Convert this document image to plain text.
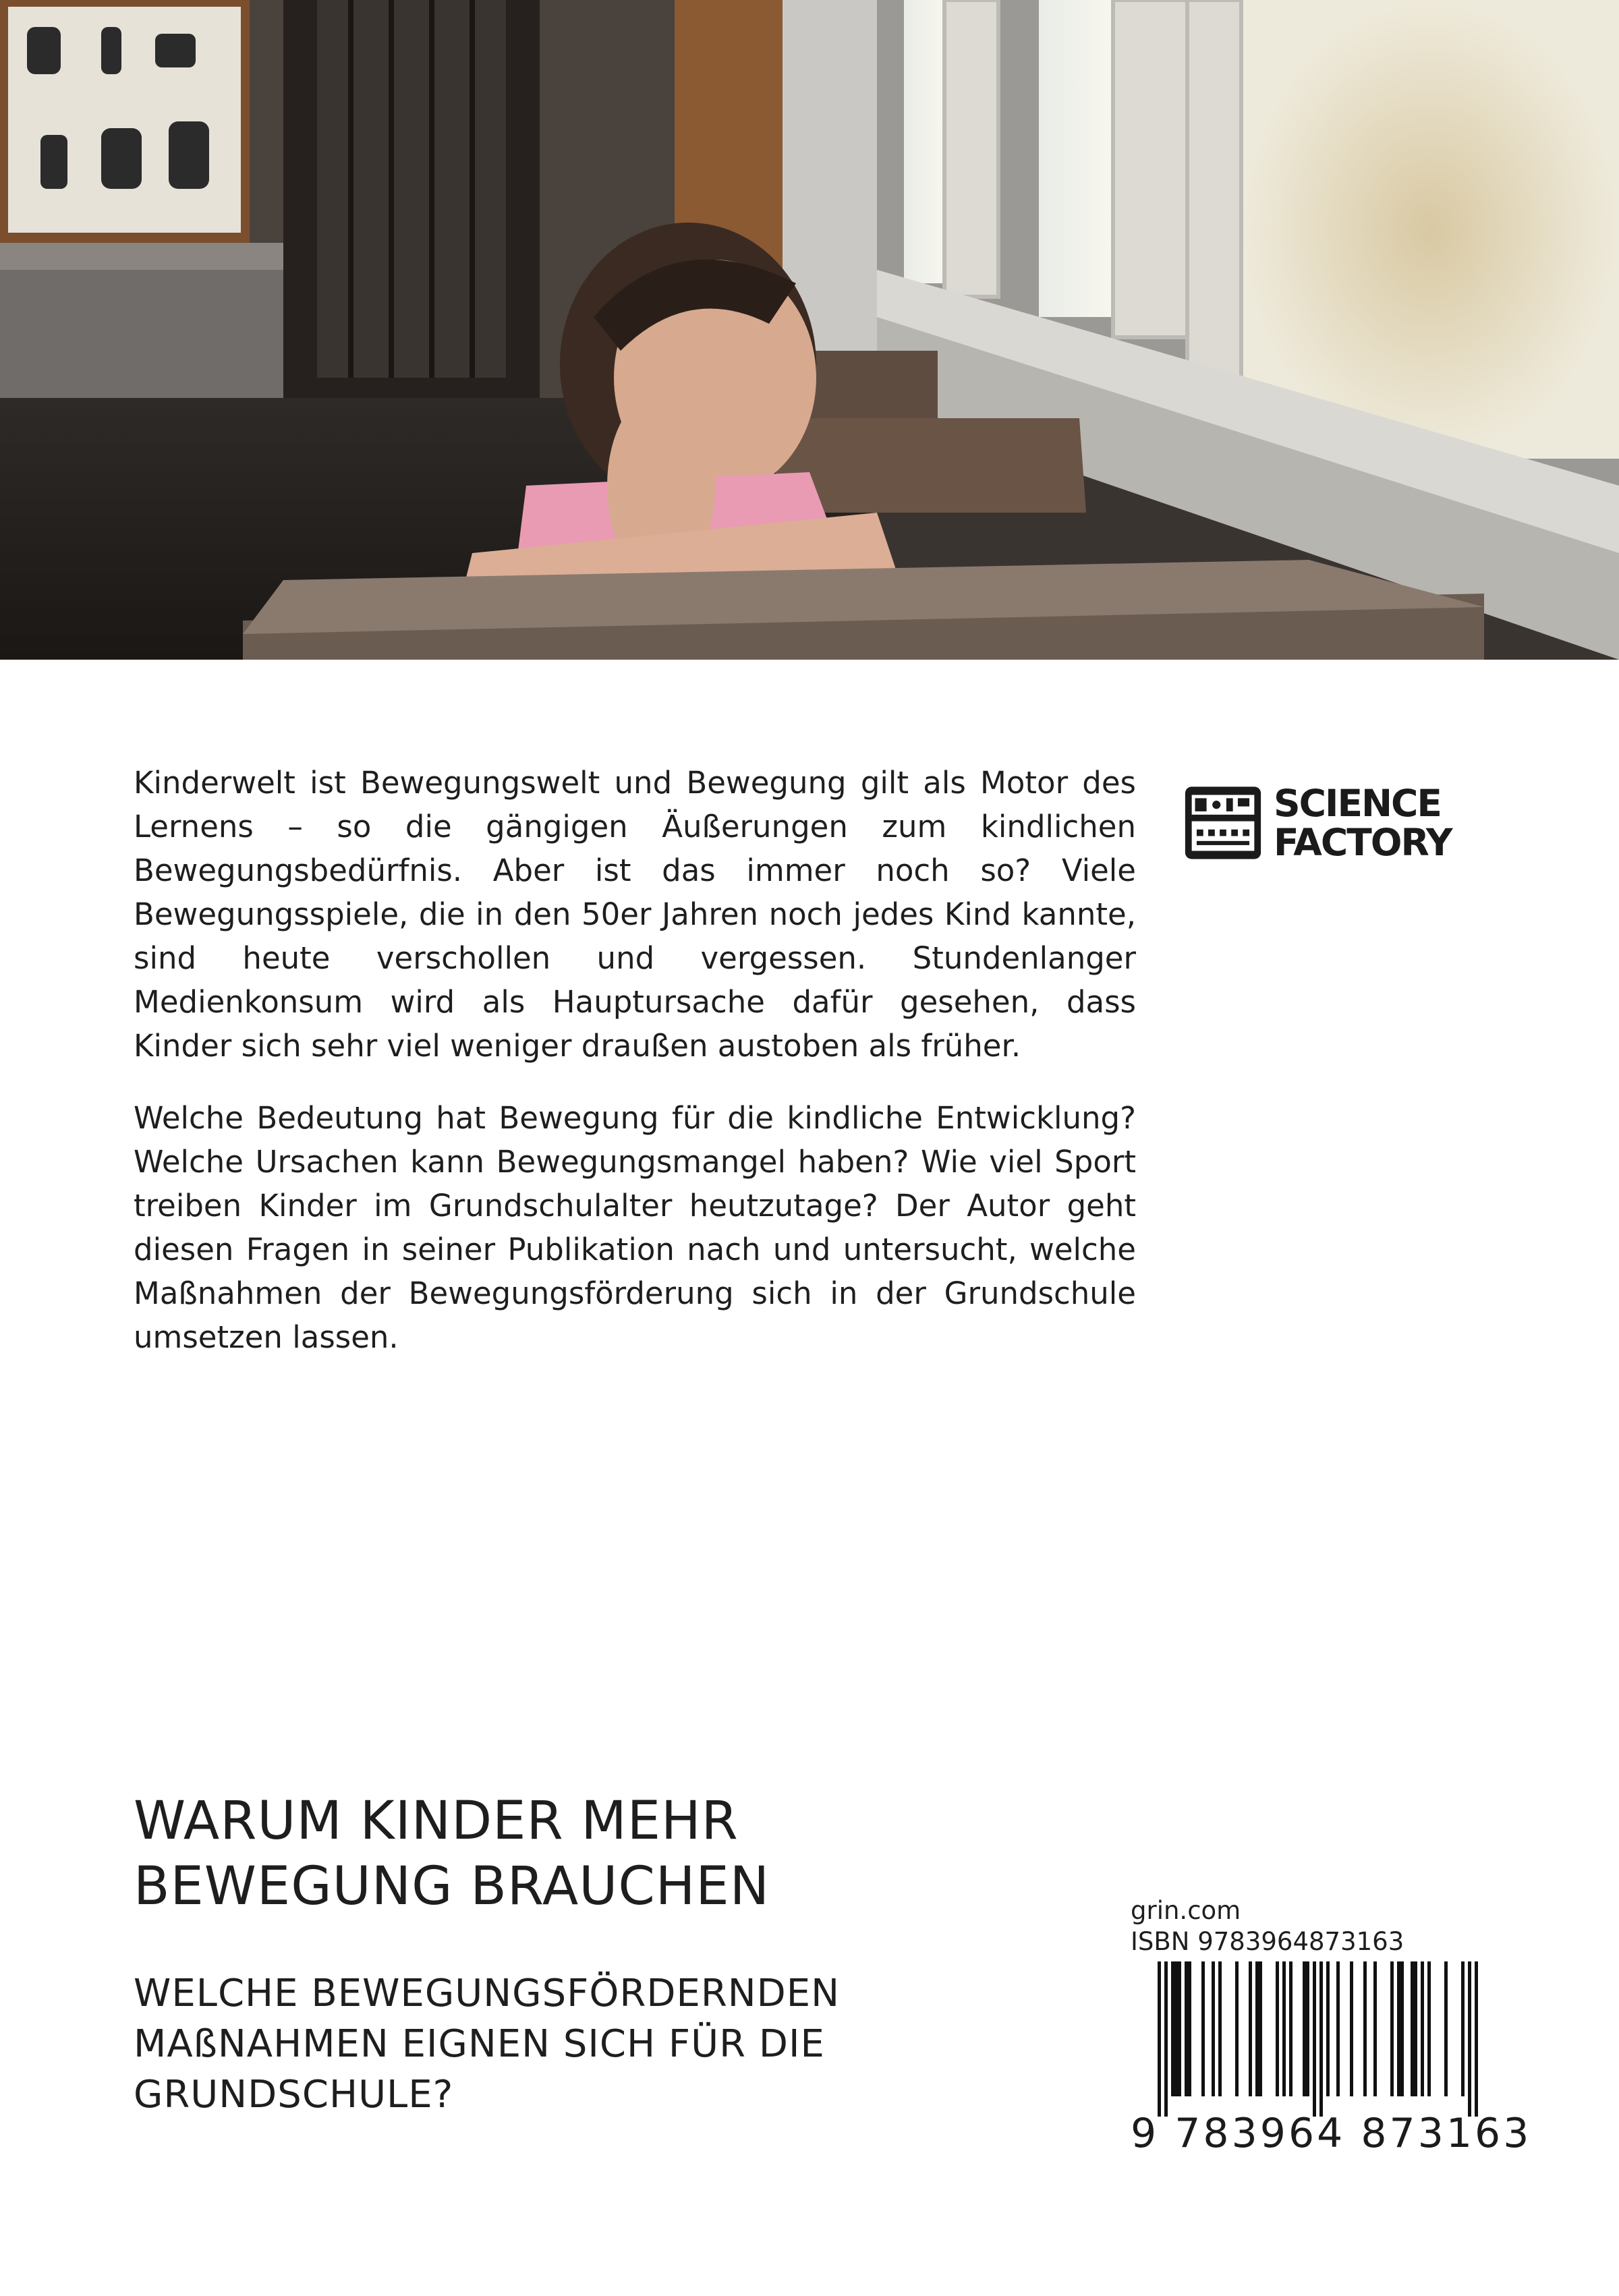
Kinderwelt ist Bewegungswelt und Bewegung gilt als Motor des Lernens – so die gängigen Äußerungen zum kindlichen Bewegungsbedürfnis. Aber ist das immer noch so? Viele Bewegungsspiele, die in den 50er Jahren noch jedes Kind kannte, sind heute verschollen und vergessen. Stundenlanger Medienkonsum wird als Hauptursache dafür gesehen, dass Kinder sich sehr viel weniger draußen austoben als früher.

Welche Bedeutung hat Bewegung für die kindliche Entwicklung? Welche Ursachen kann Bewegungsmangel haben? Wie viel Sport treiben Kinder im Grundschulalter heutzutage? Der Autor geht diesen Fragen in seiner Publikation nach und untersucht, welche Maßnahmen der Bewegungsförderung sich in der Grundschule umsetzen lassen.

SCIENCE
FACTORY
WARUM KINDER MEHR
BEWEGUNG BRAUCHEN
WELCHE BEWEGUNGSFÖRDERNDEN
MAßNAHMEN EIGNEN SICH FÜR DIE
GRUNDSCHULE?
grin.com
ISBN 9783964873163
9 783964 873163
